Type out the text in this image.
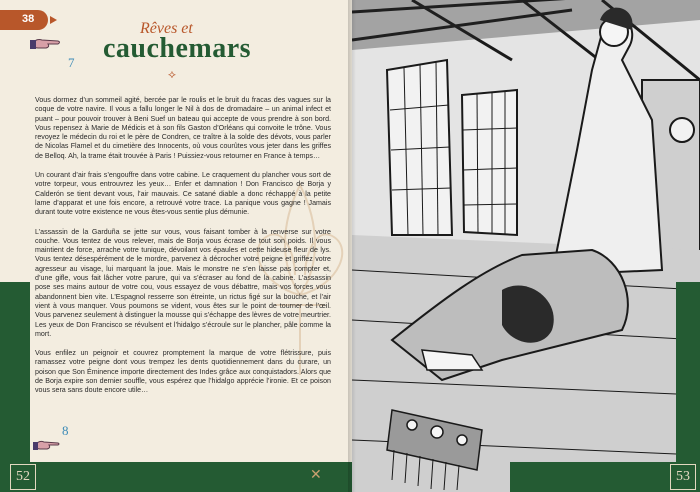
38
Rêves et
cauchemars
7
⟡

Vous dormez d’un sommeil agité, bercée par le roulis et le bruit du fracas des vagues sur la coque de votre navire. Il vous a fallu longer le Nil à dos de dromadaire – un animal infect et puant – pour pouvoir trouver à Beni Suef un bateau qui accepte de vous prendre à son bord. Vous repensez à Marie de Médicis et à son fils Gaston d’Orléans qui convoite le trône. Vous revoyez le médecin du roi et le père de Condren, ce traître à la solde des dévots, vous parler de Nicolas Flamel et du cimetière des Innocents, où vous courûtes vous jeter dans les griffes de Belloq. Ah, la trame était trouvée à Paris ! Puissiez-vous retourner en France à temps…

Un courant d’air frais s’engouffre dans votre cabine. Le craquement du plancher vous sort de votre torpeur, vous entrouvrez les yeux… Enfer et damnation ! Don Francisco de Borja y Calderón se tient devant vous, l’air mauvais. Ce satané diable a donc réchappé à la petite lame d’apparat et une fois encore, a retrouvé votre trace. La panique vous gagne ! Jamais durant toute votre existence ne vous êtes-vous sentie plus démunie.

L’assassin de la Garduña se jette sur vous, vous faisant tomber à la renverse sur votre couche. Vous tentez de vous relever, mais de Borja vous écrase de tout son poids. Il vous maintient de force, arrache votre tunique, dévoilant vos épaules et cette hideuse fleur de lys. Vous tentez désespérément de le mordre, parvenez à décrocher votre peigne et griffez votre agresseur au visage, lui marquant la joue. Mais le monstre ne s’en laisse pas compter et, d’une gifle, vous fait lâcher votre parure, qui va s’écraser au fond de la cabine. L’assassin pose ses mains autour de votre cou, vous essayez de vous débattre, mais vos forces vous abandonnent bien vite. L’Espagnol resserre son étreinte, un rictus figé sur la bouche, et l’air vient à vous manquer. Vous poumons se vident, vous êtes sur le point de tourner de l’œil. Vous parvenez seulement à distinguer la mousse qui s’échappe des lèvres de votre meurtrier. Les yeux de Don Francisco se révulsent et l’hidalgo s’écroule sur le plancher, pâle comme la mort.

Vous enfilez un peignoir et couvrez promptement la marque de votre flétrissure, puis ramassez votre peigne dont vous trempez les dents quotidiennement dans du curare, un poison que Son Éminence importe directement des Indes grâce aux conquistadors. Alors que de Borja expire son dernier souffle, vous espérez que l’hidalgo apprécie l’ironie. Et ce poison vous sera sans doute encore utile…

8
52	✕	53
